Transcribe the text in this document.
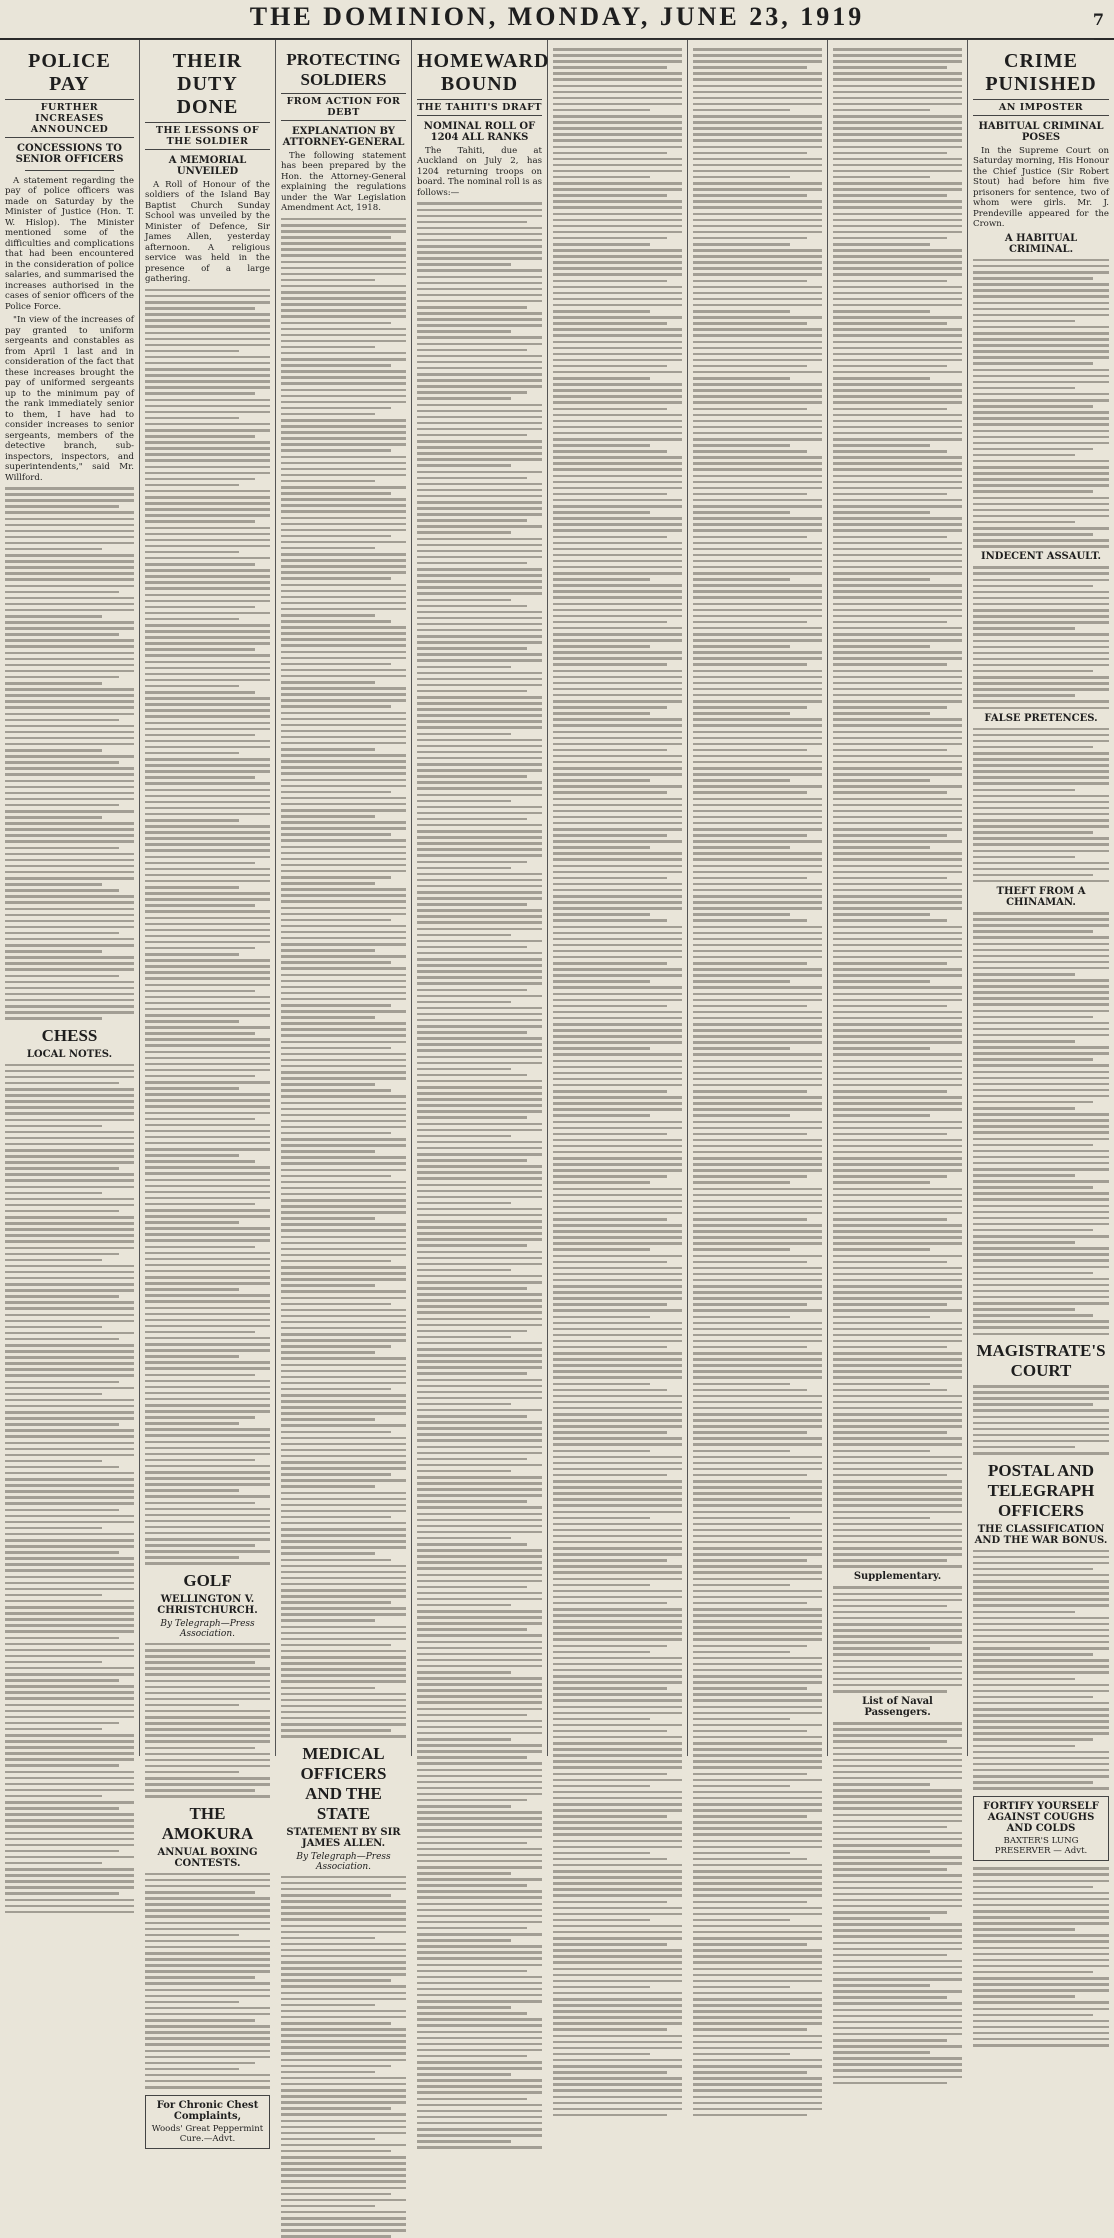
THE DOMINION, MONDAY, JUNE 23, 1919	7
POLICE PAY
FURTHER INCREASES ANNOUNCED
CONCESSIONS TO SENIOR OFFICERS

A statement regarding the pay of police officers was made on Saturday by the Minister of Justice (Hon. T. W. Hislop). The Minister mentioned some of the difficulties and complications that had been encountered in the consideration of police salaries, and summarised the increases authorised in the cases of senior officers of the Police Force.

"In view of the increases of pay granted to uniform sergeants and constables as from April 1 last and in consideration of the fact that these increases brought the pay of uniformed sergeants up to the minimum pay of the rank immediately senior to them, I have had to consider increases to senior sergeants, members of the detective branch, sub-inspectors, inspectors, and superintendents," said Mr. Willford.

CHESS
LOCAL NOTES.
THEIR DUTY DONE
THE LESSONS OF THE SOLDIER
A MEMORIAL UNVEILED

A Roll of Honour of the soldiers of the Island Bay Baptist Church Sunday School was unveiled by the Minister of Defence, Sir James Allen, yesterday afternoon. A religious service was held in the presence of a large gathering.

GOLF
WELLINGTON V. CHRISTCHURCH.
By Telegraph—Press Association.
THE AMOKURA
ANNUAL BOXING CONTESTS.
For Chronic Chest Complaints,
Woods' Great Peppermint Cure.—Advt.
PROTECTING SOLDIERS
FROM ACTION FOR DEBT
EXPLANATION BY ATTORNEY-GENERAL

The following statement has been prepared by the Hon. the Attorney-General explaining the regulations under the War Legislation Amendment Act, 1918.

MEDICAL OFFICERS AND THE STATE
STATEMENT BY SIR JAMES ALLEN.
By Telegraph—Press Association.
HOMEWARD BOUND
THE TAHITI'S DRAFT
NOMINAL ROLL OF 1204 ALL RANKS

The Tahiti, due at Auckland on July 2, has 1204 returning troops on board. The nominal roll is as follows:—

Supplementary.
List of Naval Passengers.
CRIME PUNISHED
AN IMPOSTER
HABITUAL CRIMINAL POSES

In the Supreme Court on Saturday morning, His Honour the Chief Justice (Sir Robert Stout) had before him five prisoners for sentence, two of whom were girls. Mr. J. Prendeville appeared for the Crown.

A HABITUAL CRIMINAL.
INDECENT ASSAULT.
FALSE PRETENCES.
THEFT FROM A CHINAMAN.
MAGISTRATE'S COURT
POSTAL AND TELEGRAPH OFFICERS
THE CLASSIFICATION AND THE WAR BONUS.
FORTIFY YOURSELF AGAINST COUGHS AND COLDS
BAXTER'S LUNG PRESERVER — Advt.
